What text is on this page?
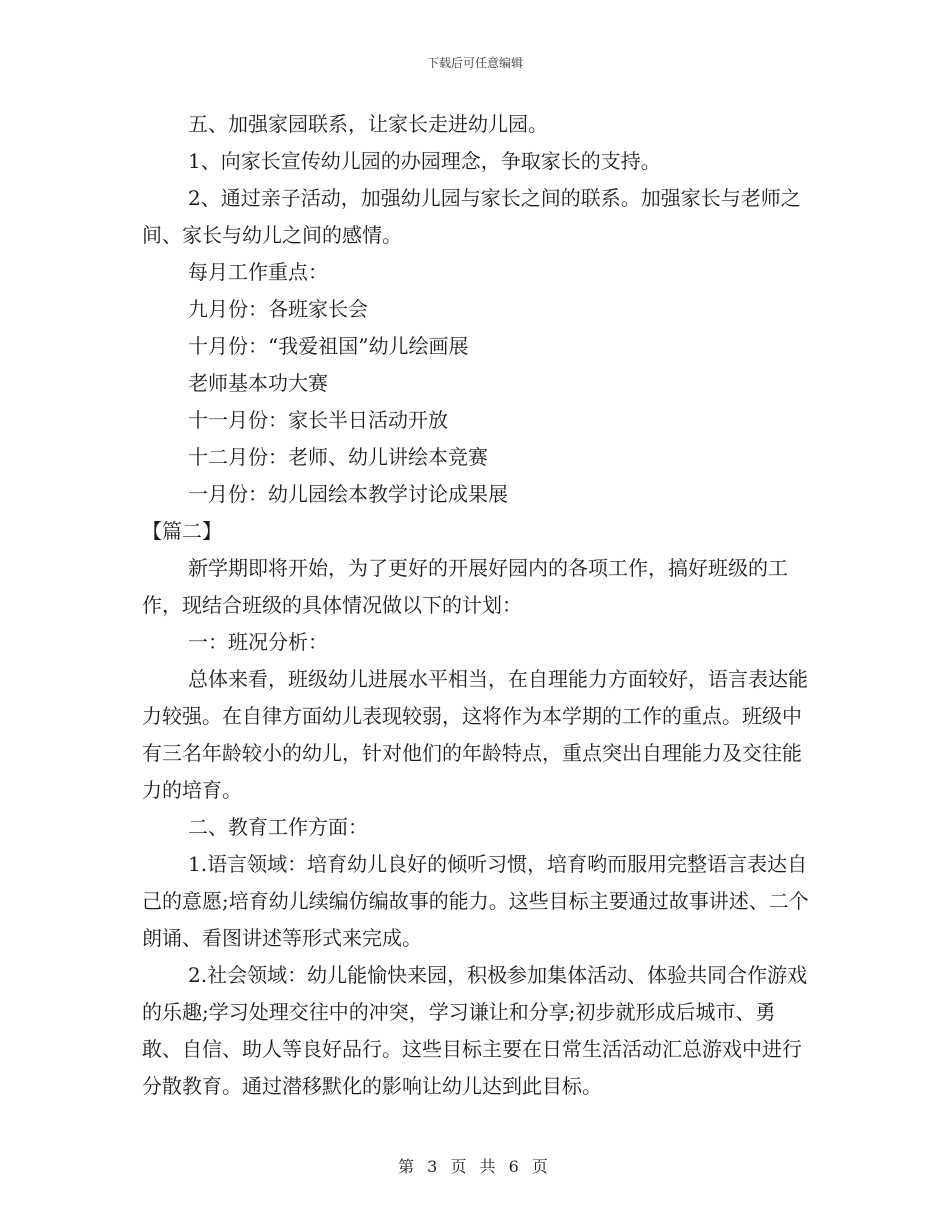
下载后可任意编辑

五、加强家园联系，让家长走进幼儿园。

1、向家长宣传幼儿园的办园理念，争取家长的支持。

2、通过亲子活动，加强幼儿园与家长之间的联系。加强家长与老师之间、家长与幼儿之间的感情。

每月工作重点：

九月份：各班家长会

十月份：“我爱祖国”幼儿绘画展

老师基本功大赛

十一月份：家长半日活动开放

十二月份：老师、幼儿讲绘本竞赛

一月份：幼儿园绘本教学讨论成果展

【篇二】

新学期即将开始，为了更好的开展好园内的各项工作，搞好班级的工作，现结合班级的具体情况做以下的计划：

一：班况分析：

总体来看，班级幼儿进展水平相当，在自理能力方面较好，语言表达能力较强。在自律方面幼儿表现较弱，这将作为本学期的工作的重点。班级中有三名年龄较小的幼儿，针对他们的年龄特点，重点突出自理能力及交往能力的培育。

二、教育工作方面：

1.语言领域：培育幼儿良好的倾听习惯，培育哟而服用完整语言表达自己的意愿;培育幼儿续编仿编故事的能力。这些目标主要通过故事讲述、二个朗诵、看图讲述等形式来完成。

2.社会领域：幼儿能愉快来园，积极参加集体活动、体验共同合作游戏的乐趣;学习处理交往中的冲突，学习谦让和分享;初步就形成后城市、勇敢、自信、助人等良好品行。这些目标主要在日常生活活动汇总游戏中进行分散教育。通过潜移默化的影响让幼儿达到此目标。

第 3 页 共 6 页
